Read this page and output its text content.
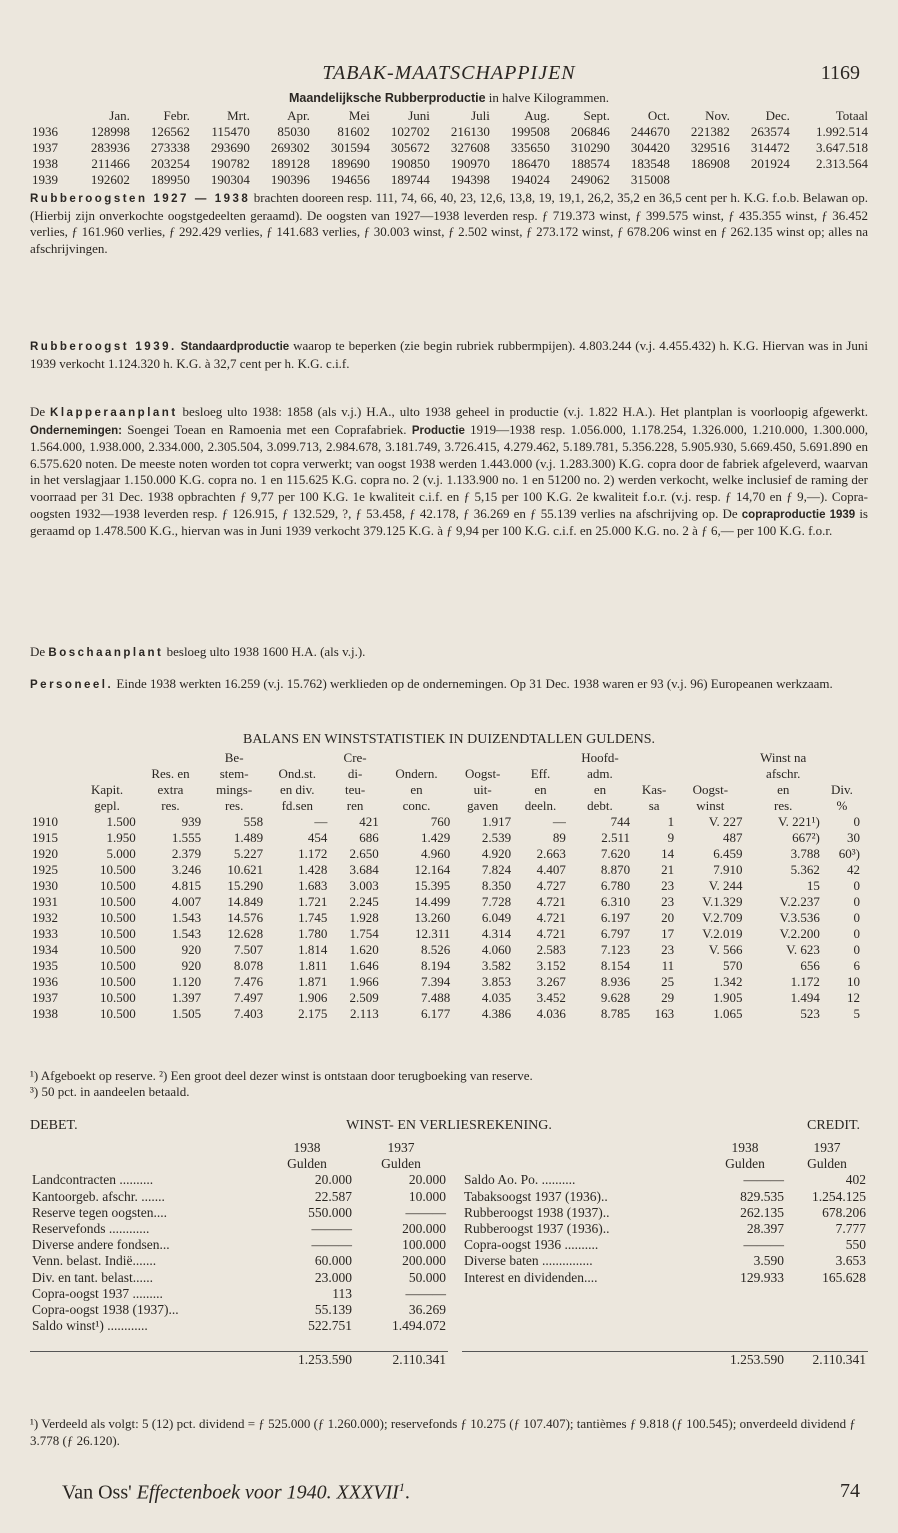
TABAK-MAATSCHAPPIJEN	1169
Maandelijksche Rubberproductie in halve Kilogrammen.
	Jan.	Febr.	Mrt.	Apr.	Mei	Juni	Juli	Aug.	Sept.	Oct.	Nov.	Dec.	Totaal
1936	128998	126562	115470	85030	81602	102702	216130	199508	206846	244670	221382	263574	1.992.514
1937	283936	273338	293690	269302	301594	305672	327608	335650	310290	304420	329516	314472	3.647.518
1938	211466	203254	190782	189128	189690	190850	190970	186470	188574	183548	186908	201924	2.313.564
1939	192602	189950	190304	190396	194656	189744	194398	194024	249062	315008			

Rubberoogsten 1927 — 1938 brachten dooreen resp. 111, 74, 66, 40, 23, 12,6, 13,8, 19, 19,1, 26,2, 35,2 en 36,5 cent per h. K.G. f.o.b. Belawan op. (Hierbij zijn onverkochte oogstgedeelten geraamd). De oogsten van 1927—1938 leverden resp. ƒ 719.373 winst, ƒ 399.575 winst, ƒ 435.355 winst, ƒ 36.452 verlies, ƒ 161.960 verlies, ƒ 292.429 verlies, ƒ 141.683 verlies, ƒ 30.003 winst, ƒ 2.502 winst, ƒ 273.172 winst, ƒ 678.206 winst en ƒ 262.135 winst op; alles na afschrijvingen.

Rubberoogst 1939. Standaardproductie waarop te beperken (zie begin rubriek rubbermpijen). 4.803.244 (v.j. 4.455.432) h. K.G. Hiervan was in Juni 1939 verkocht 1.124.320 h. K.G. à 32,7 cent per h. K.G. c.i.f.

De Klapperaanplant besloeg ulto 1938: 1858 (als v.j.) H.A., ulto 1938 geheel in productie (v.j. 1.822 H.A.). Het plantplan is voorloopig afgewerkt. Ondernemingen: Soengei Toean en Ramoenia met een Coprafabriek. Productie 1919—1938 resp. 1.056.000, 1.178.254, 1.326.000, 1.210.000, 1.300.000, 1.564.000, 1.938.000, 2.334.000, 2.305.504, 3.099.713, 2.984.678, 3.181.749, 3.726.415, 4.279.462, 5.189.781, 5.356.228, 5.905.930, 5.669.450, 5.691.890 en 6.575.620 noten. De meeste noten worden tot copra verwerkt; van oogst 1938 werden 1.443.000 (v.j. 1.283.300) K.G. copra door de fabriek afgeleverd, waarvan in het verslagjaar 1.150.000 K.G. copra no. 1 en 115.625 K.G. copra no. 2 (v.j. 1.133.900 no. 1 en 51200 no. 2) werden verkocht, welke inclusief de raming der voorraad per 31 Dec. 1938 opbrachten ƒ 9,77 per 100 K.G. 1e kwaliteit c.i.f. en ƒ 5,15 per 100 K.G. 2e kwaliteit f.o.r. (v.j. resp. ƒ 14,70 en ƒ 9,—). Copra-oogsten 1932—1938 leverden resp. ƒ 126.915, ƒ 132.529, ?, ƒ 53.458, ƒ 42.178, ƒ 36.269 en ƒ 55.139 verlies na afschrijving op. De copraproductie 1939 is geraamd op 1.478.500 K.G., hiervan was in Juni 1939 verkocht 379.125 K.G. à ƒ 9,94 per 100 K.G. c.i.f. en 25.000 K.G. no. 2 à ƒ 6,— per 100 K.G. f.o.r.

De Boschaanplant besloeg ulto 1938 1600 H.A. (als v.j.).

Personeel. Einde 1938 werkten 16.259 (v.j. 15.762) werklieden op de ondernemingen. Op 31 Dec. 1938 waren er 93 (v.j. 96) Europeanen werkzaam.

BALANS EN WINSTSTATISTIEK IN DUIZENDTALLEN GULDENS.
			Be-		Cre-				Hoofd-			Winst na	
		Res. en	stem-	Ond.st.	di-	Ondern.	Oogst-	Eff.	adm.			afschr.	
	Kapit.	extra	mings-	en div.	teu-	en	uit-	en	en	Kas-	Oogst-	en	Div.
	gepl.	res.	res.	fd.sen	ren	conc.	gaven	deeln.	debt.	sa	winst	res.	%
1910	1.500	939	558	—	421	760	1.917	—	744	1	V. 227	V. 221¹)	0
1915	1.950	1.555	1.489	454	686	1.429	2.539	89	2.511	9	487	667²)	30
1920	5.000	2.379	5.227	1.172	2.650	4.960	4.920	2.663	7.620	14	6.459	3.788	60³)
1925	10.500	3.246	10.621	1.428	3.684	12.164	7.824	4.407	8.870	21	7.910	5.362	42
1930	10.500	4.815	15.290	1.683	3.003	15.395	8.350	4.727	6.780	23	V. 244	15	0
1931	10.500	4.007	14.849	1.721	2.245	14.499	7.728	4.721	6.310	23	V.1.329	V.2.237	0
1932	10.500	1.543	14.576	1.745	1.928	13.260	6.049	4.721	6.197	20	V.2.709	V.3.536	0
1933	10.500	1.543	12.628	1.780	1.754	12.311	4.314	4.721	6.797	17	V.2.019	V.2.200	0
1934	10.500	920	7.507	1.814	1.620	8.526	4.060	2.583	7.123	23	V. 566	V. 623	0
1935	10.500	920	8.078	1.811	1.646	8.194	3.582	3.152	8.154	11	570	656	6
1936	10.500	1.120	7.476	1.871	1.966	7.394	3.853	3.267	8.936	25	1.342	1.172	10
1937	10.500	1.397	7.497	1.906	2.509	7.488	4.035	3.452	9.628	29	1.905	1.494	12
1938	10.500	1.505	7.403	2.175	2.113	6.177	4.386	4.036	8.785	163	1.065	523	5
¹) Afgeboekt op reserve. ²) Een groot deel dezer winst is ontstaan door terugboeking van reserve.
³) 50 pct. in aandeelen betaald.
DEBET.	WINST- EN VERLIESREKENING.	CREDIT.
	1938	1937
	Gulden	Gulden
Landcontracten ..........	20.000	20.000
Kantoorgeb. afschr. .......	22.587	10.000
Reserve tegen oogsten....	550.000	———
Reservefonds ............	———	200.000
Diverse andere fondsen...	———	100.000
Venn. belast. Indië.......	60.000	200.000
Div. en tant. belast......	23.000	50.000
Copra-oogst 1937 .........	113	———
Copra-oogst 1938 (1937)...	55.139	36.269
Saldo winst¹) ............	522.751	1.494.072

	1.253.590	2.110.341
	1938	1937
	Gulden	Gulden
Saldo Ao. Po. ..........	———	402
Tabaksoogst 1937 (1936)..	829.535	1.254.125
Rubberoogst 1938 (1937)..	262.135	678.206
Rubberoogst 1937 (1936)..	28.397	7.777
Copra-oogst 1936 ..........	———	550
Diverse baten ...............	3.590	3.653
Interest en dividenden....	129.933	165.628

	1.253.590	2.110.341
¹) Verdeeld als volgt: 5 (12) pct. dividend = ƒ 525.000 (ƒ 1.260.000); reservefonds ƒ 10.275 (ƒ 107.407); tantièmes ƒ 9.818 (ƒ 100.545); onverdeeld dividend ƒ 3.778 (ƒ 26.120).
Van Oss' Effectenboek voor 1940. XXXVII$^1$.	74
